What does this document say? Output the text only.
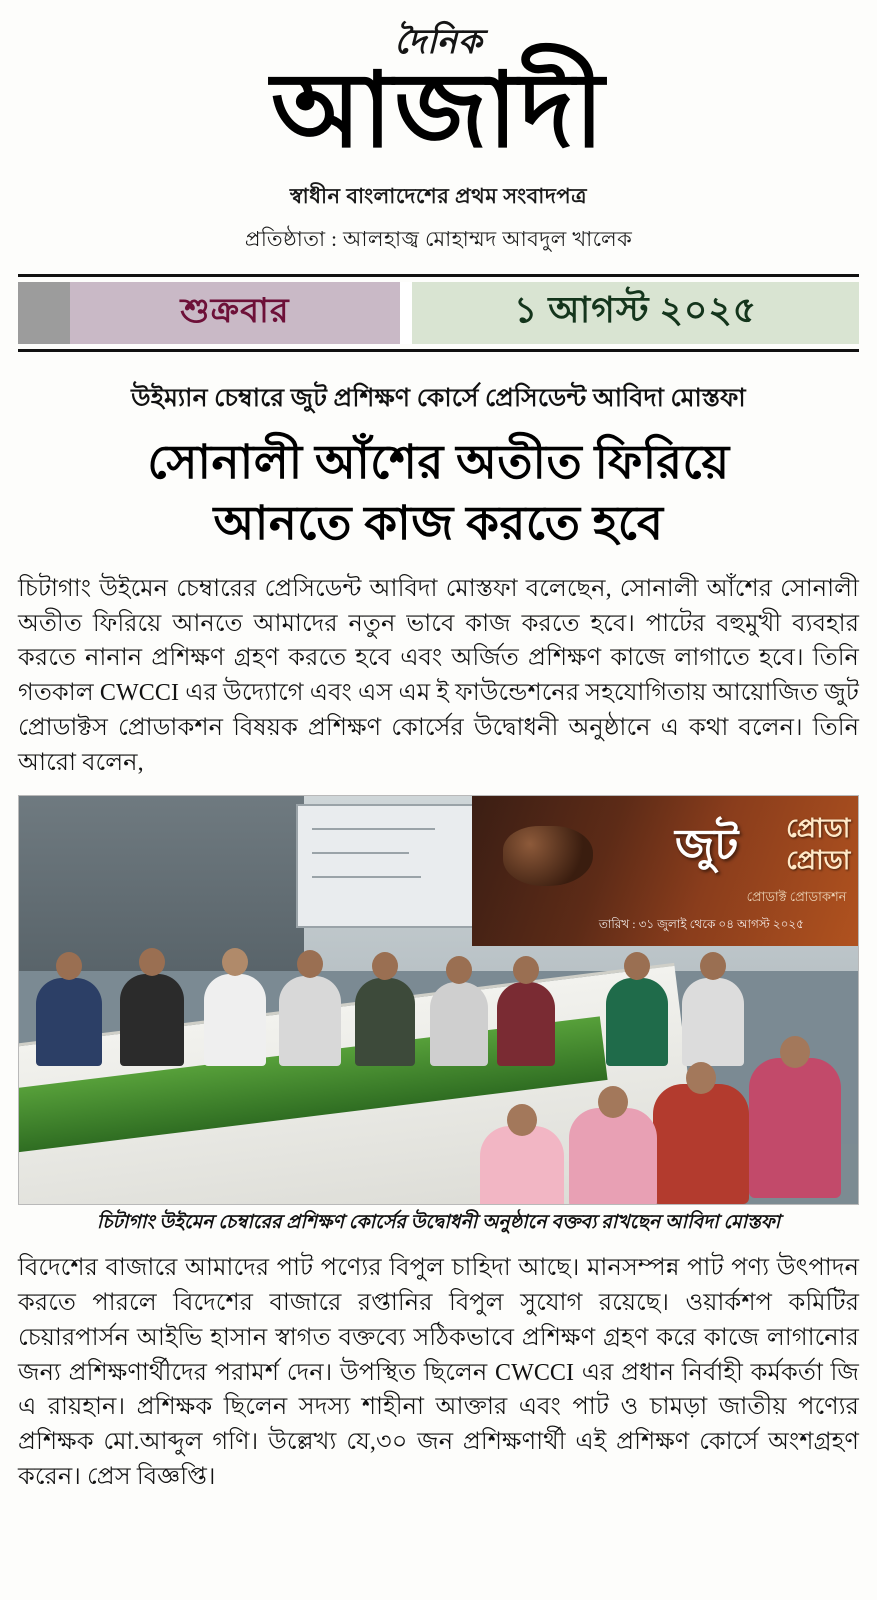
দৈনিক
আজাদী
স্বাধীন বাংলাদেশের প্রথম সংবাদপত্র
প্রতিষ্ঠাতা : আলহাজ্ব মোহাম্মদ আবদুল খালেক
শুক্রবার	১ আগস্ট ২০২৫
উইম্যান চেম্বারে জুট প্রশিক্ষণ কোর্সে প্রেসিডেন্ট আবিদা মোস্তফা
সোনালী আঁশের অতীত ফিরিয়ে
আনতে কাজ করতে হবে
চিটাগাং উইমেন চেম্বারের প্রেসিডেন্ট আবিদা মোস্তফা বলেছেন, সোনালী আঁশের সোনালী অতীত ফিরিয়ে আনতে আমাদের নতুন ভাবে কাজ করতে হবে। পাটের বহুমুখী ব্যবহার করতে নানান প্রশিক্ষণ গ্রহণ করতে হবে এবং অর্জিত প্রশিক্ষণ কাজে লাগাতে হবে। তিনি গতকাল CWCCI এর উদ্যোগে এবং এস এম ই ফাউন্ডেশনের সহযোগিতায় আয়োজিত জুট প্রোডাক্টস প্রোডাকশন বিষয়ক প্রশিক্ষণ কোর্সের উদ্বোধনী অনুষ্ঠানে এ কথা বলেন। তিনি আরো বলেন,
জুট প্রোডা
প্রোডা
প্রোডাক্ট প্রোডাকশন
তারিখ : ৩১ জুলাই থেকে ০৪ আগস্ট ২০২৫
চিটাগাং উইমেন চেম্বারের প্রশিক্ষণ কোর্সের উদ্বোধনী অনুষ্ঠানে বক্তব্য রাখছেন আবিদা মোস্তফা
বিদেশের বাজারে আমাদের পাট পণ্যের বিপুল চাহিদা আছে। মানসম্পন্ন পাট পণ্য উৎপাদন করতে পারলে বিদেশের বাজারে রপ্তানির বিপুল সুযোগ রয়েছে। ওয়ার্কশপ কমিটির চেয়ারপার্সন আইভি হাসান স্বাগত বক্তব্যে সঠিকভাবে প্রশিক্ষণ গ্রহণ করে কাজে লাগানোর জন্য প্রশিক্ষণার্থীদের পরামর্শ দেন। উপস্থিত ছিলেন CWCCI এর প্রধান নির্বাহী কর্মকর্তা জি এ রায়হান। প্রশিক্ষক ছিলেন সদস্য শাহীনা আক্তার এবং পাট ও চামড়া জাতীয় পণ্যের প্রশিক্ষক মো.আব্দুল গণি। উল্লেখ্য যে,৩০ জন প্রশিক্ষণার্থী এই প্রশিক্ষণ কোর্সে অংশগ্রহণ করেন। প্রেস বিজ্ঞপ্তি।
